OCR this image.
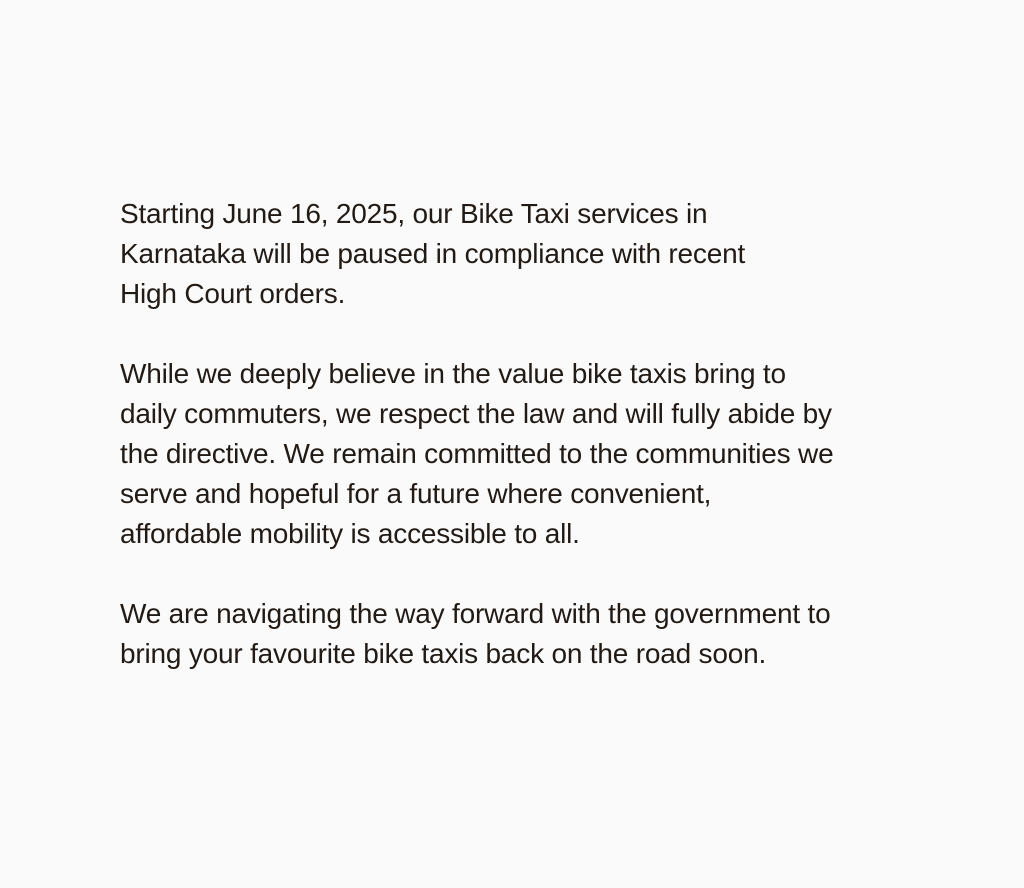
Starting June 16, 2025, our Bike Taxi services in
Karnataka will be paused in compliance with recent
High Court orders.

While we deeply believe in the value bike taxis bring to
daily commuters, we respect the law and will fully abide by
the directive. We remain committed to the communities we
serve and hopeful for a future where convenient,
affordable mobility is accessible to all.

We are navigating the way forward with the government to
bring your favourite bike taxis back on the road soon.
